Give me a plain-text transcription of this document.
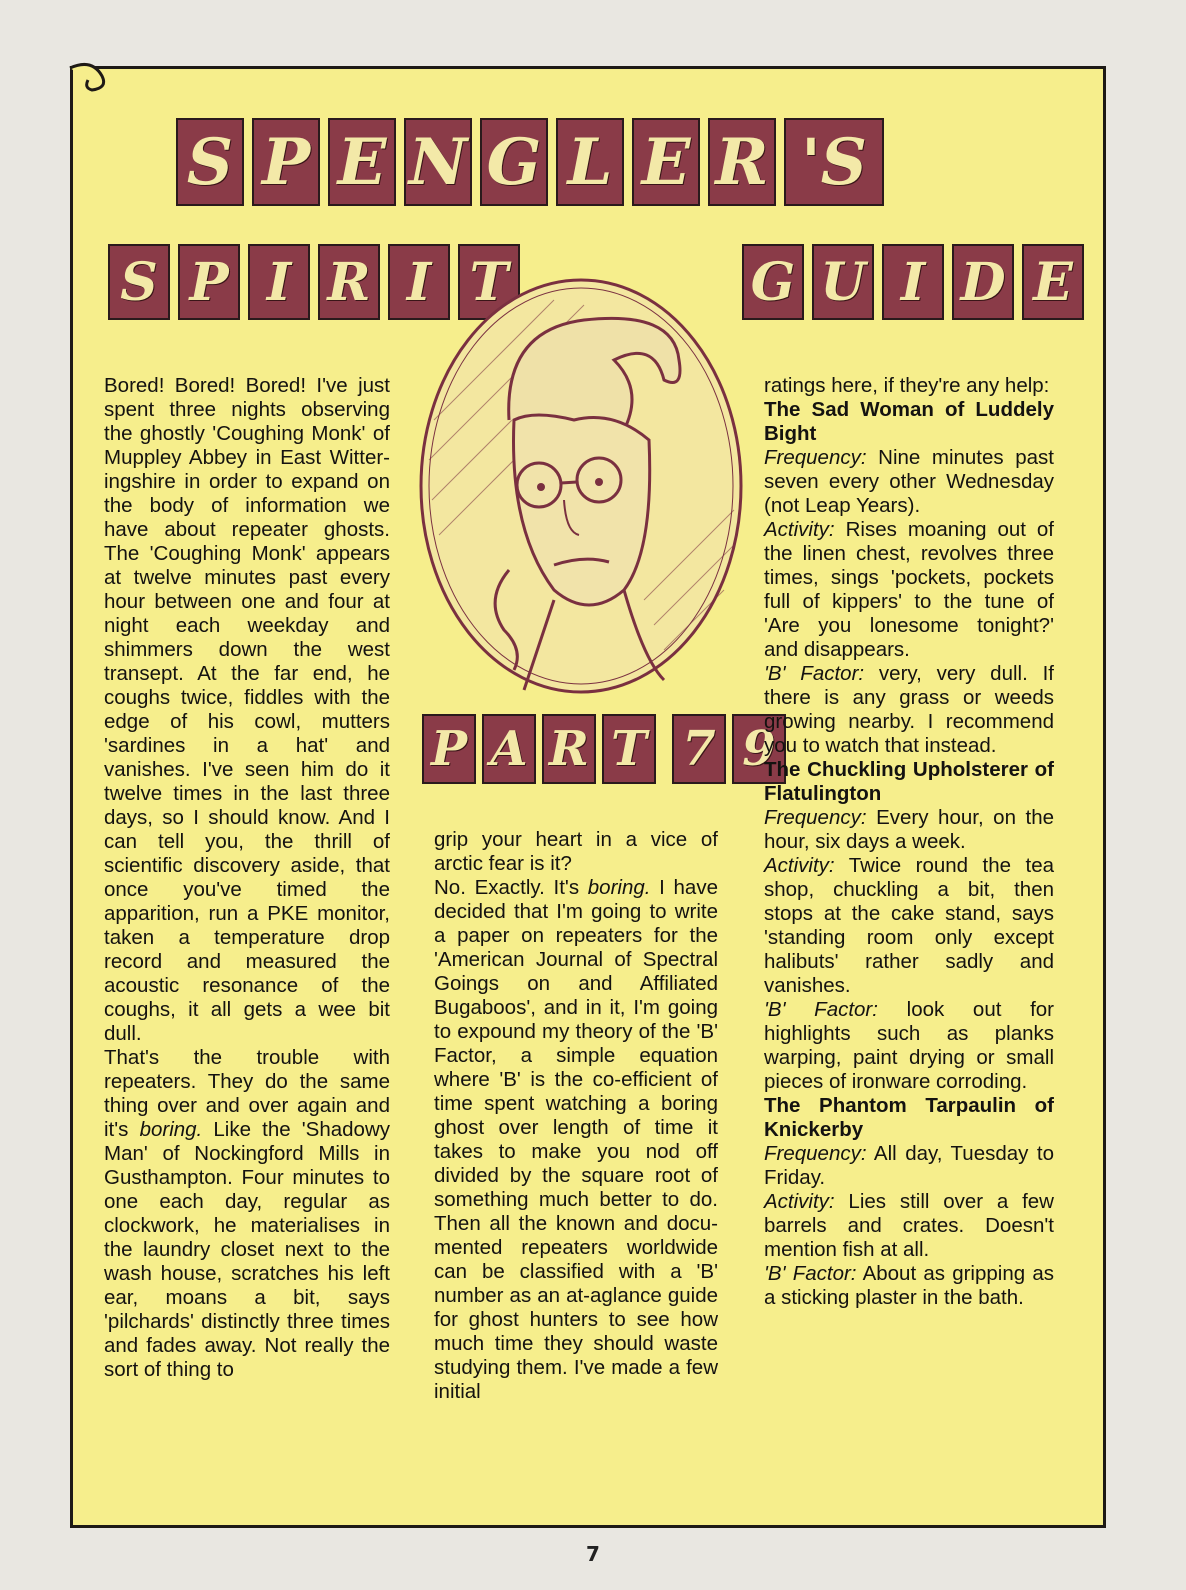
S P E N G L E R 'S
S P I R I T	G U I D E
P A R T 7 9

Bored! Bored! Bored! I've just spent three nights observing the ghostly 'Coughing Monk' of Muppley Abbey in East Witteringshire in order to expand on the body of information we have about repeater ghosts. The 'Coughing Monk' appears at twelve minutes past every hour between one and four at night each weekday and shimmers down the west transept. At the far end, he coughs twice, fiddles with the edge of his cowl, mutters 'sardines in a hat' and vanishes. I've seen him do it twelve times in the last three days, so I should know. And I can tell you, the thrill of scientific discovery aside, that once you've timed the apparition, run a PKE monitor, taken a temperature drop record and measured the acoustic resonance of the coughs, it all gets a wee bit dull.

That's the trouble with repeaters. They do the same thing over and over again and it's boring. Like the 'Shadowy Man' of Nockingford Mills in Gusthampton. Four minutes to one each day, regular as clockwork, he materialises in the laundry closet next to the wash house, scratches his left ear, moans a bit, says 'pilchards' distinctly three times and fades away. Not really the sort of thing to

grip your heart in a vice of arctic fear is it?

No. Exactly. It's boring. I have decided that I'm going to write a paper on repeaters for the 'American Journal of Spectral Goings on and Affiliated Bugaboos', and in it, I'm going to expound my theory of the 'B' Factor, a simple equation where 'B' is the co-efficient of time spent watching a boring ghost over length of time it takes to make you nod off divided by the square root of something much better to do. Then all the known and documented repeaters worldwide can be classified with a 'B' number as an at-aglance guide for ghost hunters to see how much time they should waste studying them. I've made a few initial

ratings here, if they're any help:

The Sad Woman of Luddely Bight

Frequency: Nine minutes past seven every other Wednesday (not Leap Years).

Activity: Rises moaning out of the linen chest, revolves three times, sings 'pockets, pockets full of kippers' to the tune of 'Are you lonesome tonight?' and disappears.

'B' Factor: very, very dull. If there is any grass or weeds growing nearby. I recommend you to watch that instead.

The Chuckling Upholsterer of Flatulington

Frequency: Every hour, on the hour, six days a week.

Activity: Twice round the tea shop, chuckling a bit, then stops at the cake stand, says 'standing room only except halibuts' rather sadly and vanishes.

'B' Factor: look out for highlights such as planks warping, paint drying or small pieces of ironware corroding.

The Phantom Tarpaulin of Knickerby

Frequency: All day, Tuesday to Friday.

Activity: Lies still over a few barrels and crates. Doesn't mention fish at all.

'B' Factor: About as gripping as a sticking plaster in the bath.

7
